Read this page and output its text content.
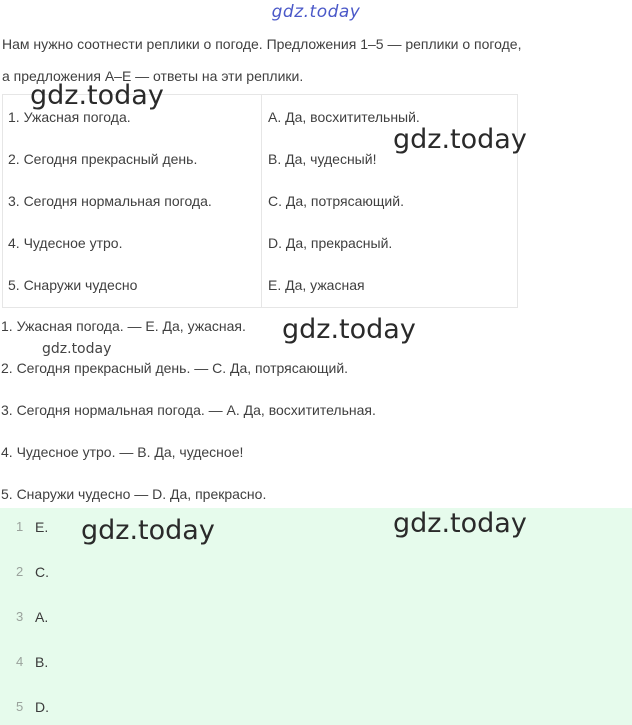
gdz.today
Нам нужно соотнести реплики о погоде. Предложения 1–5 — реплики о погоде,
а предложения A–E — ответы на эти реплики.
1. Ужасная погода.
2. Сегодня прекрасный день.
3. Сегодня нормальная погода.
4. Чудесное утро.
5. Снаружи чудесно
A. Да, восхитительный.
B. Да, чудесный!
C. Да, потрясающий.
D. Да, прекрасный.
E. Да, ужасная
1. Ужасная погода. — E. Да, ужасная.
2. Сегодня прекрасный день. — C. Да, потрясающий.
3. Сегодня нормальная погода. — A. Да, восхитительная.
4. Чудесное утро. — B. Да, чудесное!
5. Снаружи чудесно — D. Да, прекрасно.
1 E.
2 C.
3 A.
4 B.
5 D.
gdz.today
gdz.today
gdz.today
gdz.today
gdz.today	gdz.today
